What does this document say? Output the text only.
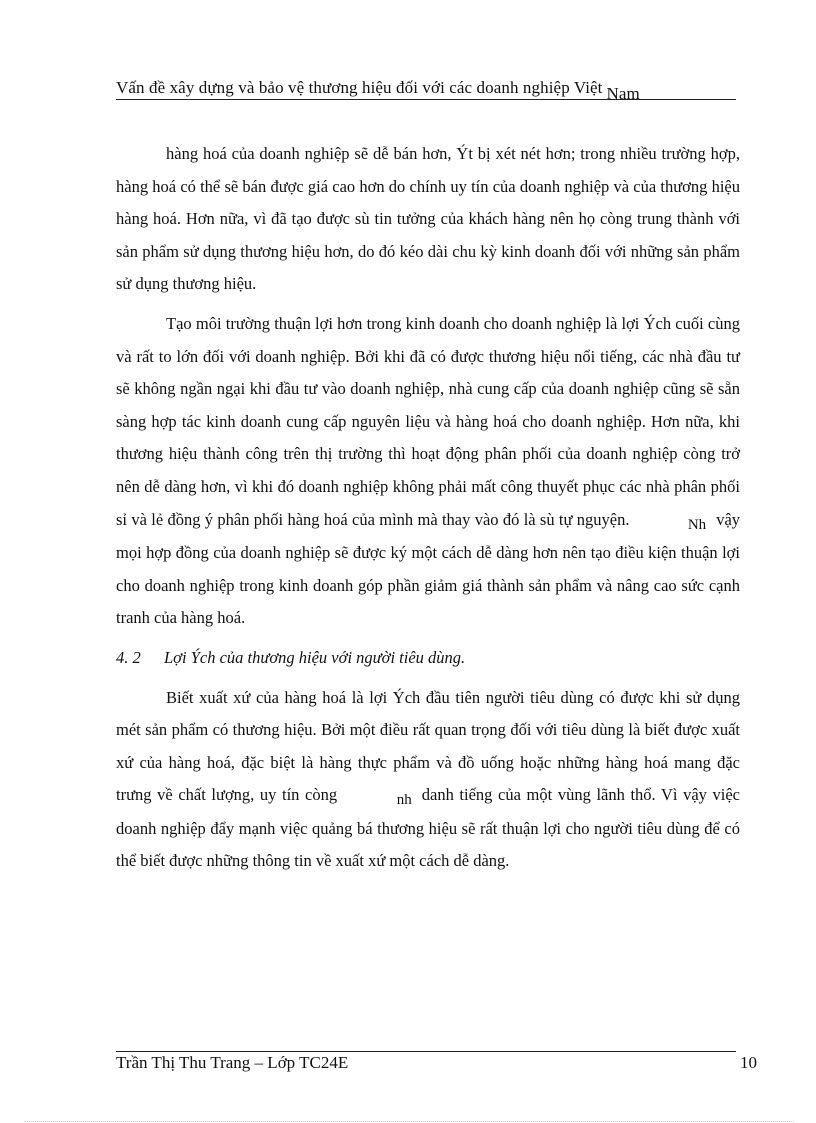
Vấn đề xây dựng và bảo vệ thương hiệu đối với các doanh nghiệp Việt Nam

hàng hoá của doanh nghiệp sẽ dễ bán hơn, Ýt bị xét nét hơn; trong nhiều trường hợp, hàng hoá có thể sẽ bán được giá cao hơn do chính uy tín của doanh nghiệp và của thương hiệu hàng hoá. Hơn nữa, vì đã tạo được sù tin tưởng của khách hàng nên họ còng trung thành với sản phẩm sử dụng thương hiệu hơn, do đó kéo dài chu kỳ kinh doanh đối với những sản phẩm sử dụng thương hiệu.

Tạo môi trường thuận lợi hơn trong kinh doanh cho doanh nghiệp là lợi Ých cuối cùng và rất to lớn đối với doanh nghiệp. Bởi khi đã có được thương hiệu nổi tiếng, các nhà đầu tư sẽ không ngần ngại khi đầu tư vào doanh nghiệp, nhà cung cấp của doanh nghiệp cũng sẽ sẵn sàng hợp tác kinh doanh cung cấp nguyên liệu và hàng hoá cho doanh nghiệp. Hơn nữa, khi thương hiệu thành công trên thị trường thì hoạt động phân phối của doanh nghiệp còng trở nên dễ dàng hơn, vì khi đó doanh nghiệp không phải mất công thuyết phục các nhà phân phối sỉ và lẻ đồng ý phân phối hàng hoá của mình mà thay vào đó là sù tự nguyện.	Nh vậy mọi hợp đồng của doanh nghiệp sẽ được ký một cách dễ dàng hơn nên tạo điều kiện thuận lợi cho doanh nghiệp trong kinh doanh góp phần giảm giá thành sản phẩm và nâng cao sức cạnh tranh của hàng hoá.

4. 2 Lợi Ých của thương hiệu với người tiêu dùng.

Biết xuất xứ của hàng hoá là lợi Ých đầu tiên người tiêu dùng có được khi sử dụng mét sản phẩm có thương hiệu. Bởi một điều rất quan trọng đối với tiêu dùng là biết được xuất xứ của hàng hoá, đặc biệt là hàng thực phẩm và đồ uống hoặc những hàng hoá mang đặc trưng về chất lượng, uy tín còng	nh danh tiếng của một vùng lãnh thổ. Vì vậy việc doanh nghiệp đẩy mạnh việc quảng bá thương hiệu sẽ rất thuận lợi cho người tiêu dùng để có thể biết được những thông tin về xuất xứ một cách dễ dàng.

Trần Thị Thu Trang – Lớp TC24E	10
